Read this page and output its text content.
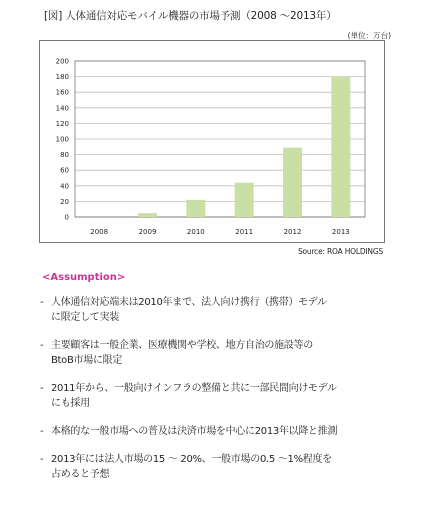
[図] 人体通信対応モバイル機器の市場予測（2008 ～2013年）
(単位：万台)
0
20
40
60
80
100
120
140
160
180
200
2008	2009	2010	2011	2012	2013
Source: ROA HOLDINGS
<Assumption>
- 人体通信対応端末は2010年まで、法人向け携行（携帯）モデル
に限定して実装
- 主要顧客は一般企業、医療機関や学校、地方自治の施設等の
BtoB市場に限定
- 2011年から、一般向けインフラの整備と共に一部民間向けモデル
にも採用
- 本格的な一般市場への普及は決済市場を中心に2013年以降と推測
- 2013年には法人市場の15 ～ 20%、一般市場の0.5 ～1%程度を
占めると予想
